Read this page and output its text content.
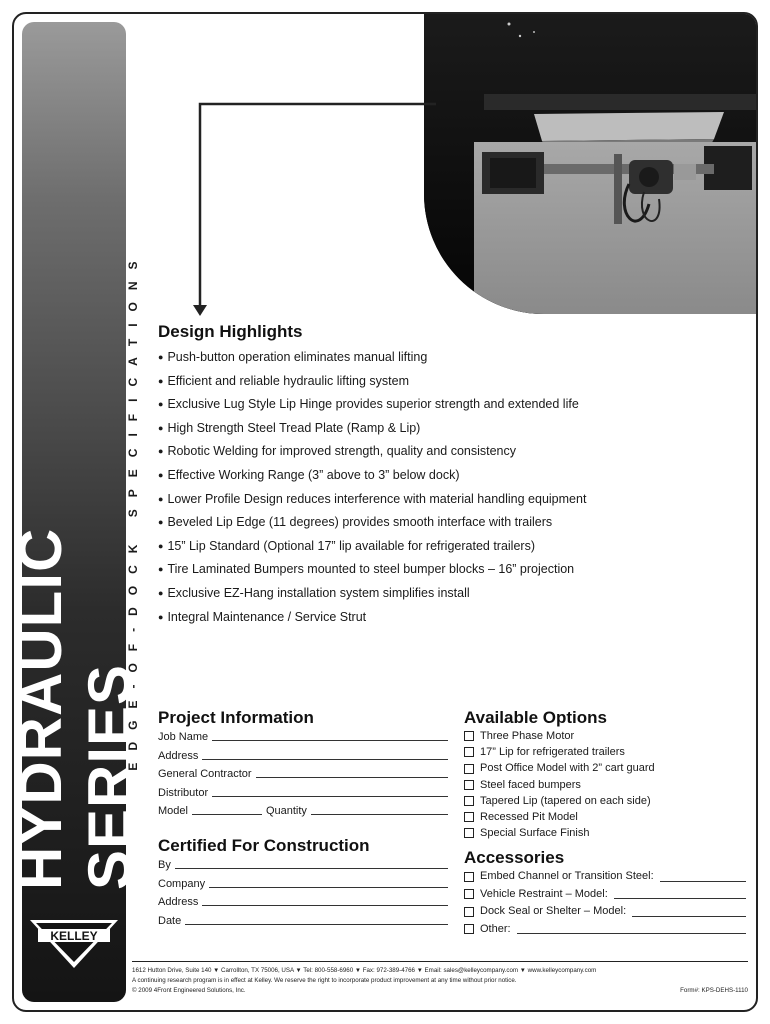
HYDRAULIC SERIES
EDGE-OF-DOCK SPECIFICATIONS
KELLEY
Design Highlights
● Push-button operation eliminates manual lifting
● Efficient and reliable hydraulic lifting system
● Exclusive Lug Style Lip Hinge provides superior strength and extended life
● High Strength Steel Tread Plate (Ramp & Lip)
● Robotic Welding for improved strength, quality and consistency
● Effective Working Range (3” above to 3” below dock)
● Lower Profile Design reduces interference with material handling equipment
● Beveled Lip Edge (11 degrees) provides smooth interface with trailers
● 15” Lip Standard (Optional 17” lip available for refrigerated trailers)
● Tire Laminated Bumpers mounted to steel bumper blocks – 16” projection
● Exclusive EZ-Hang installation system simplifies install
● Integral Maintenance / Service Strut
Project Information
Job Name
Address
General Contractor
Distributor
Model	Quantity
Certified For Construction
By
Company
Address
Date
Available Options
Three Phase Motor
17” Lip for refrigerated trailers
Post Office Model with 2” cart guard
Steel faced bumpers
Tapered Lip (tapered on each side)
Recessed Pit Model
Special Surface Finish
Accessories
Embed Channel or Transition Steel:
Vehicle Restraint – Model:
Dock Seal or Shelter – Model:
Other:
1612 Hutton Drive, Suite 140 ▼ Carrollton, TX 75006, USA ▼ Tel: 800-558-6960 ▼ Fax: 972-389-4766 ▼ Email: sales@kelleycompany.com ▼ www.kelleycompany.com
A continuing research program is in effect at Kelley. We reserve the right to incorporate product improvement at any time without prior notice.
© 2009 4Front Engineered Solutions, Inc.	Form#: KPS-DEHS-1110
